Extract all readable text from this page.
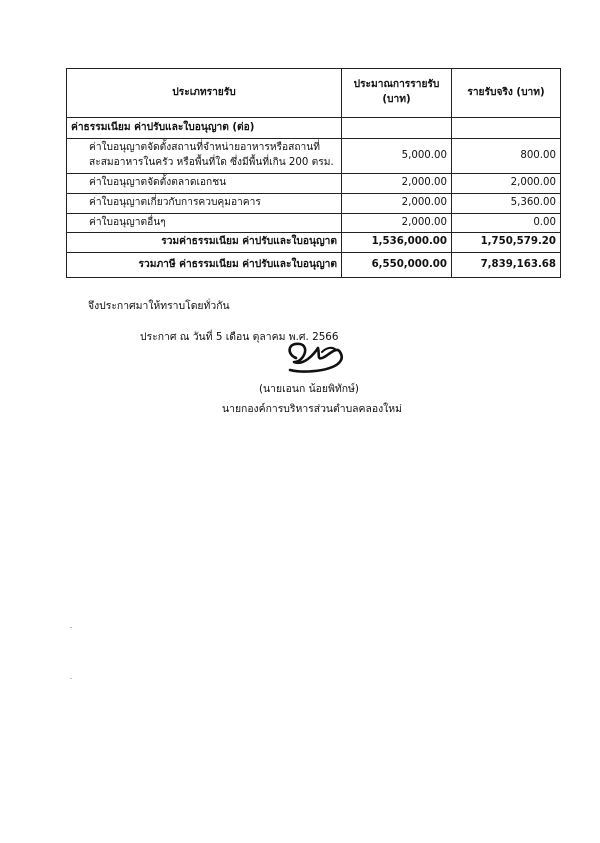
ประเภทรายรับ	ประมาณการรายรับ (บาท)	รายรับจริง (บาท)
ค่าธรรมเนียม ค่าปรับและใบอนุญาต (ต่อ)		
ค่าใบอนุญาตจัดตั้งสถานที่จำหน่ายอาหารหรือสถานที่สะสมอาหารในครัว หรือพื้นที่ใด ซึ่งมีพื้นที่เกิน 200 ตรม.	5,000.00	800.00
ค่าใบอนุญาตจัดตั้งตลาดเอกชน	2,000.00	2,000.00
ค่าใบอนุญาตเกี่ยวกับการควบคุมอาคาร	2,000.00	5,360.00
ค่าใบอนุญาตอื่นๆ	2,000.00	0.00
รวมค่าธรรมเนียม ค่าปรับและใบอนุญาต	1,536,000.00	1,750,579.20
รวมภาษี ค่าธรรมเนียม ค่าปรับและใบอนุญาต	6,550,000.00	7,839,163.68
จึงประกาศมาให้ทราบโดยทั่วกัน
ประกาศ ณ วันที่ 5 เดือน ตุลาคม พ.ศ. 2566
(นายเอนก น้อยพิทักษ์)
นายกองค์การบริหารส่วนตำบลคลองใหม่
